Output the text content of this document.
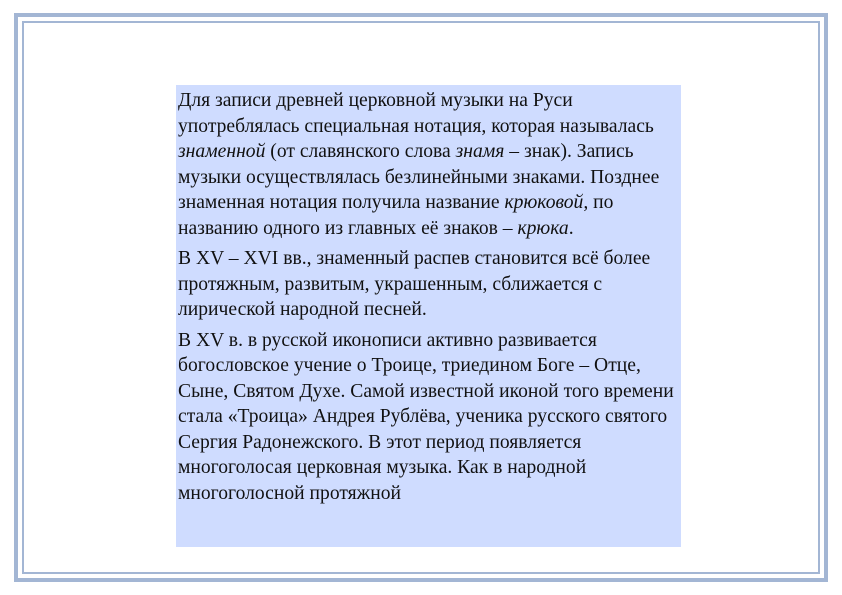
Для записи древней церковной музыки на Руси употреблялась специальная нотация, которая называлась знаменной (от славянского слова знамя – знак). Запись музыки осуществлялась безлинейными знаками. Позднее знаменная нотация получила название крюковой, по названию одного из главных её знаков – крюка.

В XV – XVI вв., знаменный распев становится всё более протяжным, развитым, украшенным, сближается с лирической народной песней.

В XV в. в русской иконописи активно развивается богословское учение о Троице, триедином Боге – Отце, Сыне, Святом Духе. Самой известной иконой того времени стала «Троица» Андрея Рублёва, ученика русского святого Сергия Радонежского. В этот период появляется многоголосая церковная музыка. Как в народной многоголосной протяжной
